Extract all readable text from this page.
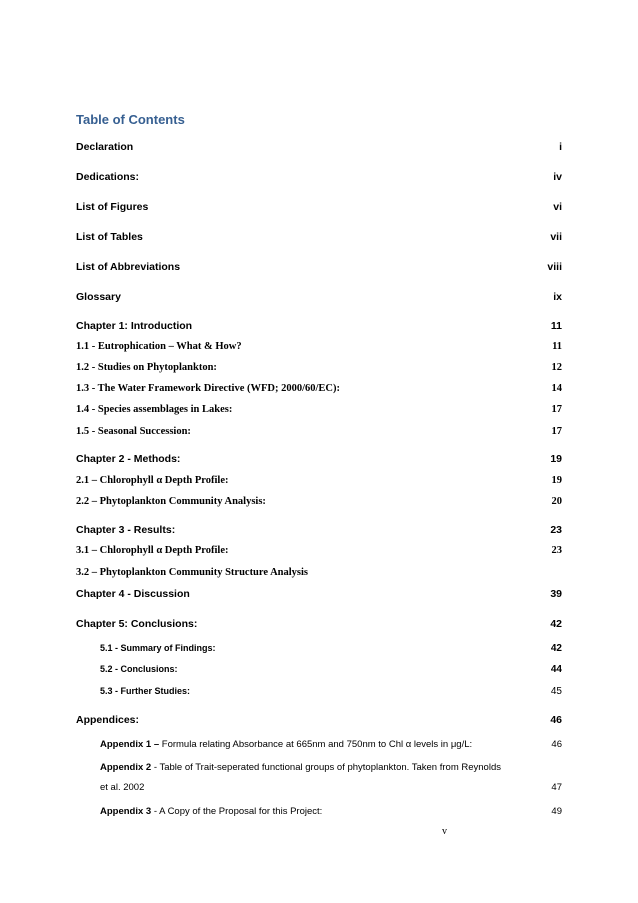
Table of Contents
Declaration	i
Dedications:	iv
List of Figures	vi
List of Tables	vii
List of Abbreviations	viii
Glossary	ix
Chapter 1: Introduction	11
1.1 - Eutrophication – What & How?	11
1.2 - Studies on Phytoplankton:	12
1.3 - The Water Framework Directive (WFD; 2000/60/EC):	14
1.4 - Species assemblages in Lakes:	17
1.5 - Seasonal Succession:	17
Chapter 2 - Methods:	19
2.1 – Chlorophyll α Depth Profile:	19
2.2 – Phytoplankton Community Analysis:	20
Chapter 3 - Results:	23
3.1 – Chlorophyll α Depth Profile:	23
3.2 – Phytoplankton Community Structure Analysis
Chapter 4 - Discussion	39
Chapter 5: Conclusions:	42
5.1 - Summary of Findings:	42
5.2 - Conclusions:	44
5.3 - Further Studies:	45
Appendices:	46
Appendix 1 – Formula relating Absorbance at 665nm and 750nm to Chl α levels in μg/L:	46
Appendix 2 - Table of Trait-seperated functional groups of phytoplankton. Taken from Reynolds
et al. 2002	47
Appendix 3 - A Copy of the Proposal for this Project:	49
v
